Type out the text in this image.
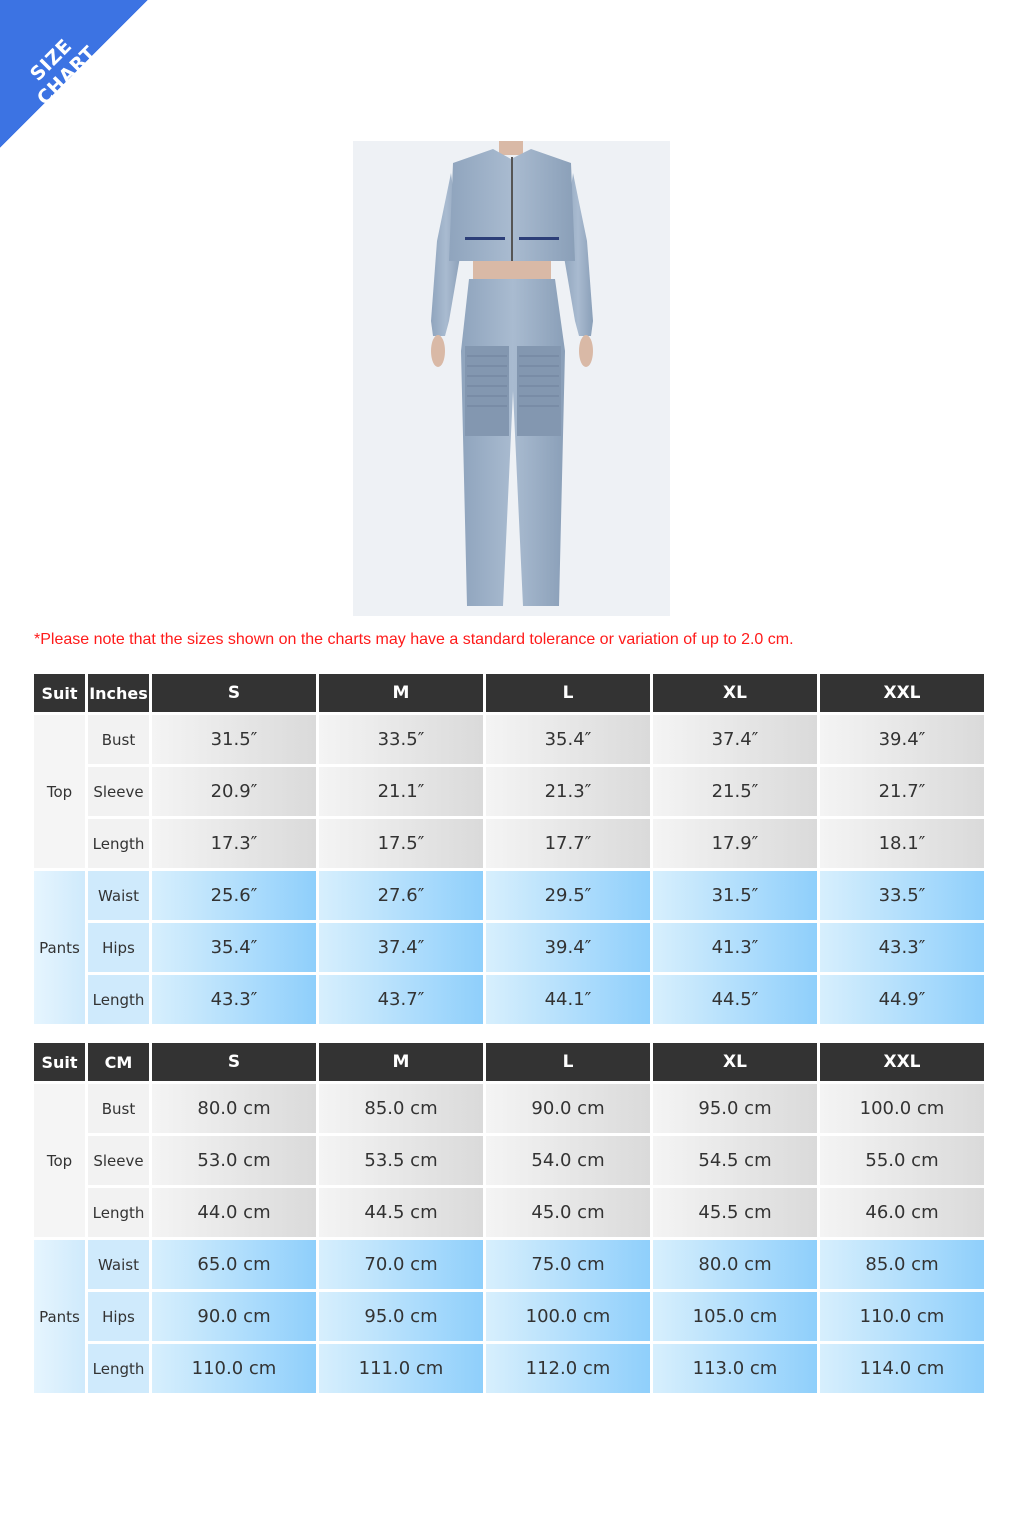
SIZE CHART
*Please note that the sizes shown on the charts may have a standard tolerance or variation of up to 2.0 cm.
Suit	Inches	S	M	L	XL	XXL
Top	Bust	31.5″	33.5″	35.4″	37.4″	39.4″
	Sleeve	20.9″	21.1″	21.3″	21.5″	21.7″
	Length	17.3″	17.5″	17.7″	17.9″	18.1″
Pants	Waist	25.6″	27.6″	29.5″	31.5″	33.5″
	Hips	35.4″	37.4″	39.4″	41.3″	43.3″
	Length	43.3″	43.7″	44.1″	44.5″	44.9″
Suit	CM	S	M	L	XL	XXL
Top	Bust	80.0 cm	85.0 cm	90.0 cm	95.0 cm	100.0 cm
	Sleeve	53.0 cm	53.5 cm	54.0 cm	54.5 cm	55.0 cm
	Length	44.0 cm	44.5 cm	45.0 cm	45.5 cm	46.0 cm
Pants	Waist	65.0 cm	70.0 cm	75.0 cm	80.0 cm	85.0 cm
	Hips	90.0 cm	95.0 cm	100.0 cm	105.0 cm	110.0 cm
	Length	110.0 cm	111.0 cm	112.0 cm	113.0 cm	114.0 cm
